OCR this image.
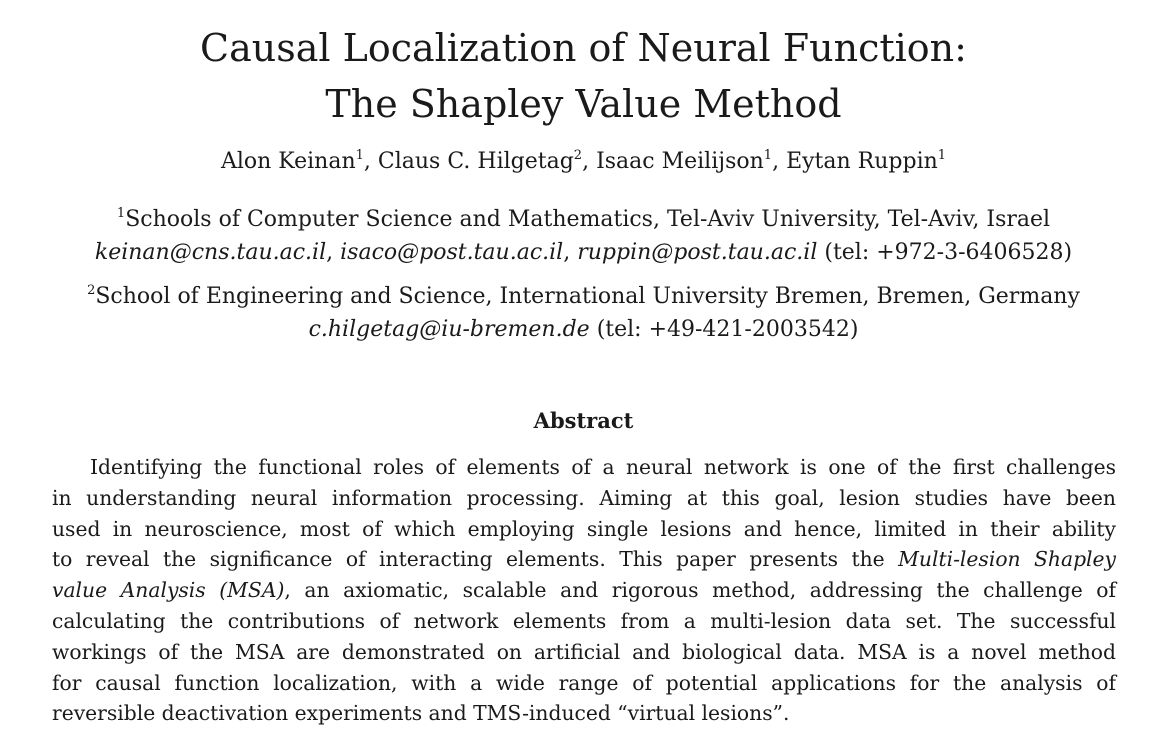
Causal Localization of Neural Function:
The Shapley Value Method
Alon Keinan$^1$, Claus C. Hilgetag$^2$, Isaac Meilijson$^1$, Eytan Ruppin$^1$
$^1$Schools of Computer Science and Mathematics, Tel-Aviv University, Tel-Aviv, Israel
keinan@cns.tau.ac.il, isaco@post.tau.ac.il, ruppin@post.tau.ac.il (tel: +972-3-6406528)
$^2$School of Engineering and Science, International University Bremen, Bremen, Germany
c.hilgetag@iu-bremen.de (tel: +49-421-2003542)
Abstract
Identifying the functional roles of elements of a neural network is one of the first challenges
in understanding neural information processing. Aiming at this goal, lesion studies have been
used in neuroscience, most of which employing single lesions and hence, limited in their ability
to reveal the significance of interacting elements. This paper presents the Multi-lesion Shapley
value Analysis (MSA), an axiomatic, scalable and rigorous method, addressing the challenge of
calculating the contributions of network elements from a multi-lesion data set. The successful
workings of the MSA are demonstrated on artificial and biological data. MSA is a novel method
for causal function localization, with a wide range of potential applications for the analysis of
reversible deactivation experiments and TMS-induced “virtual lesions”.
